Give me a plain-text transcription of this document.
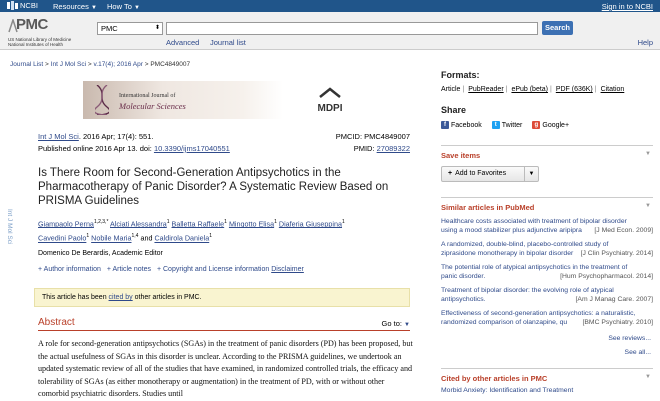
NCBI Resources ▼ How To ▼	Sign in to NCBI
PMC
US National Library of Medicine
National Institutes of Health
PMC	⬍	Search
Advanced Journal list	Help
Journal List > Int J Mol Sci > v.17(4); 2016 Apr > PMC4849007
International Journal of
Molecular Sciences	MDPI
Int J Mol Sci. 2016 Apr; 17(4): 551.
Published online 2016 Apr 13. doi: 10.3390/ijms17040551
PMCID: PMC4849007
PMID: 27089322
Is There Room for Second-Generation Antipsychotics in the Pharmacotherapy of Panic Disorder? A Systematic Review Based on PRISMA Guidelines
Giampaolo Perna$^{1,2,3,*}$ Alciati Alessandra$^1$ Balletta Raffaele$^1$ Mingotto Elisa$^1$ Diaferia Giuseppina$^1$
Cavedini Paolo$^1$ Nobile Maria$^{1,4}$ and Caldirola Daniela$^1$
Domenico De Berardis, Academic Editor
+ Author information + Article notes + Copyright and License information Disclaimer
This article has been cited by other articles in PMC.
Abstract	Go to: ▼
A role for second-generation antipsychotics (SGAs) in the treatment of panic disorders (PD) has been proposed, but the actual usefulness of SGAs in this disorder is unclear. According to the PRISMA guidelines, we undertook an updated systematic review of all of the studies that have examined, in randomized controlled trials, the efficacy and tolerability of SGAs (as either monotherapy or augmentation) in the treatment of PD, with or without other comorbid psychiatric disorders. Studies until
Int J Mol Sci
Formats:
Article | PubReader | ePub (beta) | PDF (636K) | Citation
Share
f Facebook	t Twitter	g Google+
Save items	▼
+ Add to Favorites	▼
Similar articles in PubMed	▼
Healthcare costs associated with treatment of bipolar disorder
using a mood stabilizer plus adjunctive aripipra	[J Med Econ. 2009]
A randomized, double-blind, placebo-controlled study of
ziprasidone monotherapy in bipolar disorder	[J Clin Psychiatry. 2014]
The potential role of atypical antipsychotics in the treatment of
panic disorder.	[Hum Psychopharmacol. 2014]
Treatment of bipolar disorder: the evolving role of atypical
antipsychotics.	[Am J Manag Care. 2007]
Effectiveness of second-generation antipsychotics: a naturalistic,
randomized comparison of olanzapine, qu	[BMC Psychiatry. 2010]
See reviews...
See all...
Cited by other articles in PMC	▼
Morbid Anxiety: Identification and Treatment
